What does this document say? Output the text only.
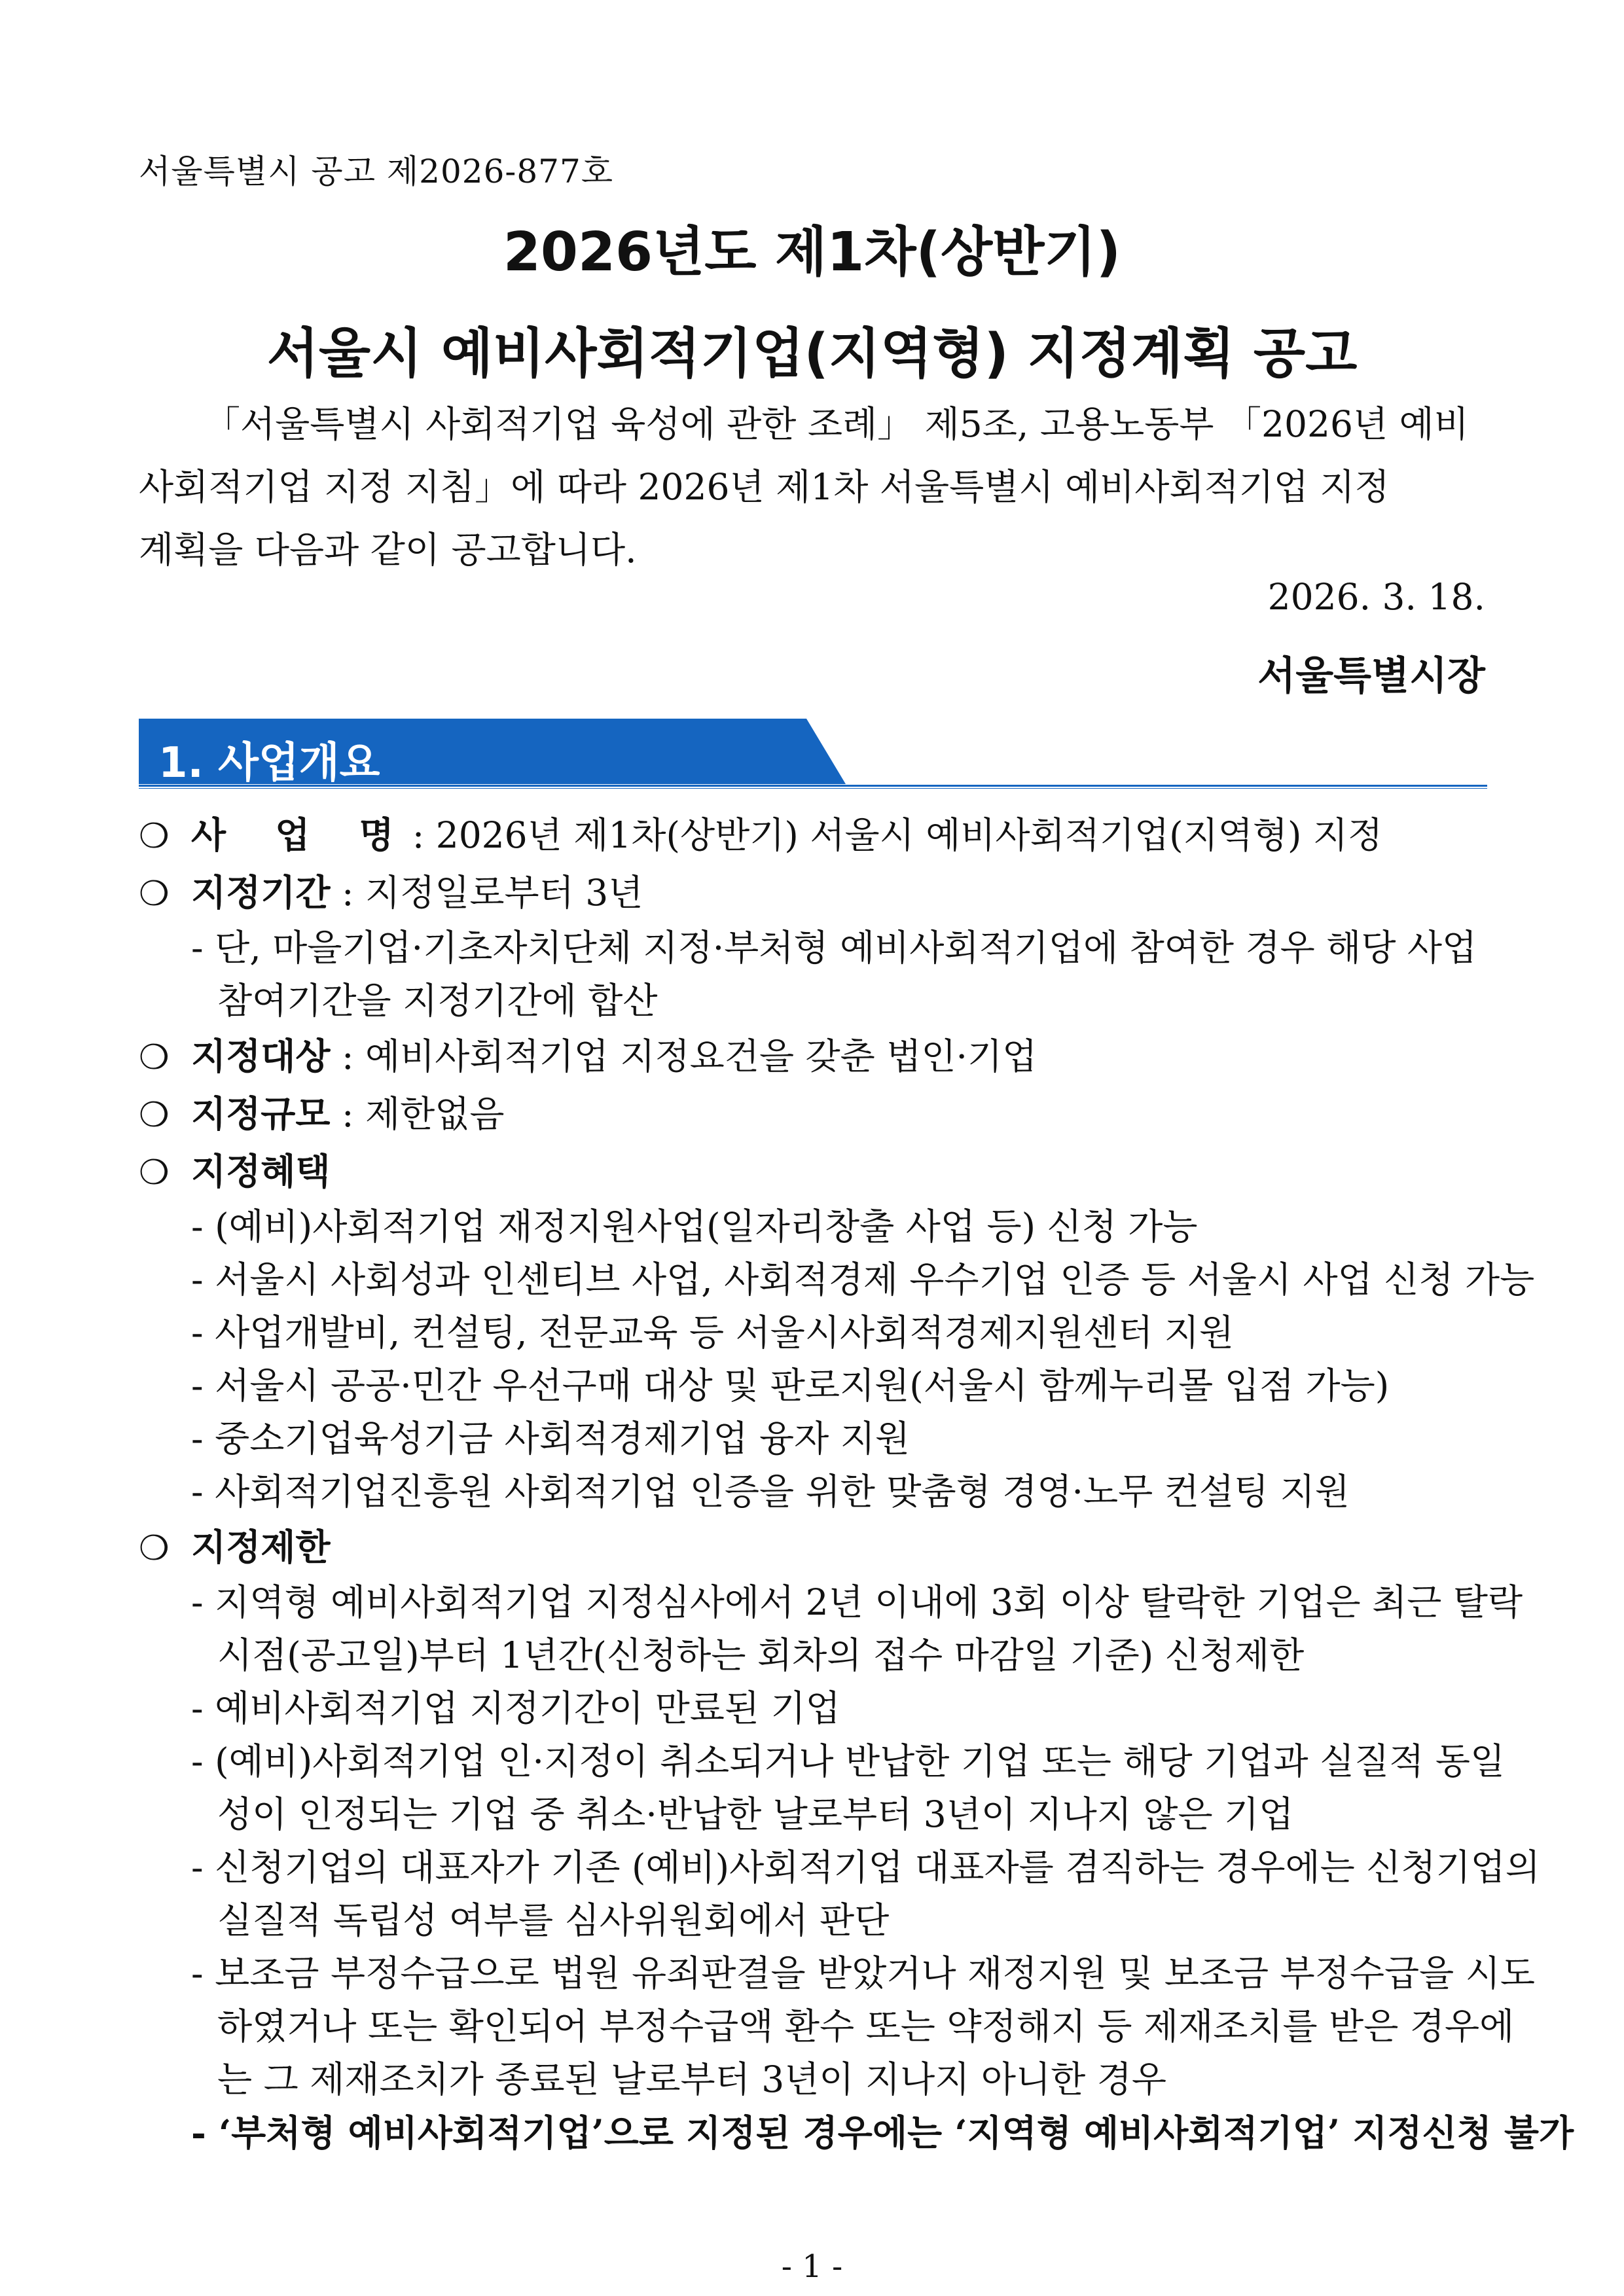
서울특별시 공고 제2026-877호
2026년도 제1차(상반기)
서울시 예비사회적기업(지역형) 지정계획 공고
「서울특별시 사회적기업 육성에 관한 조례」 제5조, 고용노동부 「2026년 예비
사회적기업 지정 지침」에 따라 2026년 제1차 서울특별시 예비사회적기업 지정
계획을 다음과 같이 공고합니다.
2026. 3. 18.
서울특별시장
1. 사업개요
❍ 사 업 명: 2026년 제1차(상반기) 서울시 예비사회적기업(지역형) 지정
❍ 지정기간 : 지정일로부터 3년
- 단, 마을기업·기초자치단체 지정·부처형 예비사회적기업에 참여한 경우 해당 사업
참여기간을 지정기간에 합산
❍ 지정대상 : 예비사회적기업 지정요건을 갖춘 법인·기업
❍ 지정규모 : 제한없음
❍ 지정혜택
- (예비)사회적기업 재정지원사업(일자리창출 사업 등) 신청 가능
- 서울시 사회성과 인센티브 사업, 사회적경제 우수기업 인증 등 서울시 사업 신청 가능
- 사업개발비, 컨설팅, 전문교육 등 서울시사회적경제지원센터 지원
- 서울시 공공·민간 우선구매 대상 및 판로지원(서울시 함께누리몰 입점 가능)
- 중소기업육성기금 사회적경제기업 융자 지원
- 사회적기업진흥원 사회적기업 인증을 위한 맞춤형 경영·노무 컨설팅 지원
❍ 지정제한
- 지역형 예비사회적기업 지정심사에서 2년 이내에 3회 이상 탈락한 기업은 최근 탈락
시점(공고일)부터 1년간(신청하는 회차의 접수 마감일 기준) 신청제한
- 예비사회적기업 지정기간이 만료된 기업
- (예비)사회적기업 인·지정이 취소되거나 반납한 기업 또는 해당 기업과 실질적 동일
성이 인정되는 기업 중 취소·반납한 날로부터 3년이 지나지 않은 기업
- 신청기업의 대표자가 기존 (예비)사회적기업 대표자를 겸직하는 경우에는 신청기업의
실질적 독립성 여부를 심사위원회에서 판단
- 보조금 부정수급으로 법원 유죄판결을 받았거나 재정지원 및 보조금 부정수급을 시도
하였거나 또는 확인되어 부정수급액 환수 또는 약정해지 등 제재조치를 받은 경우에
는 그 제재조치가 종료된 날로부터 3년이 지나지 아니한 경우
- ‘부처형 예비사회적기업’으로 지정된 경우에는 ‘지역형 예비사회적기업’ 지정신청 불가
- 1 -
